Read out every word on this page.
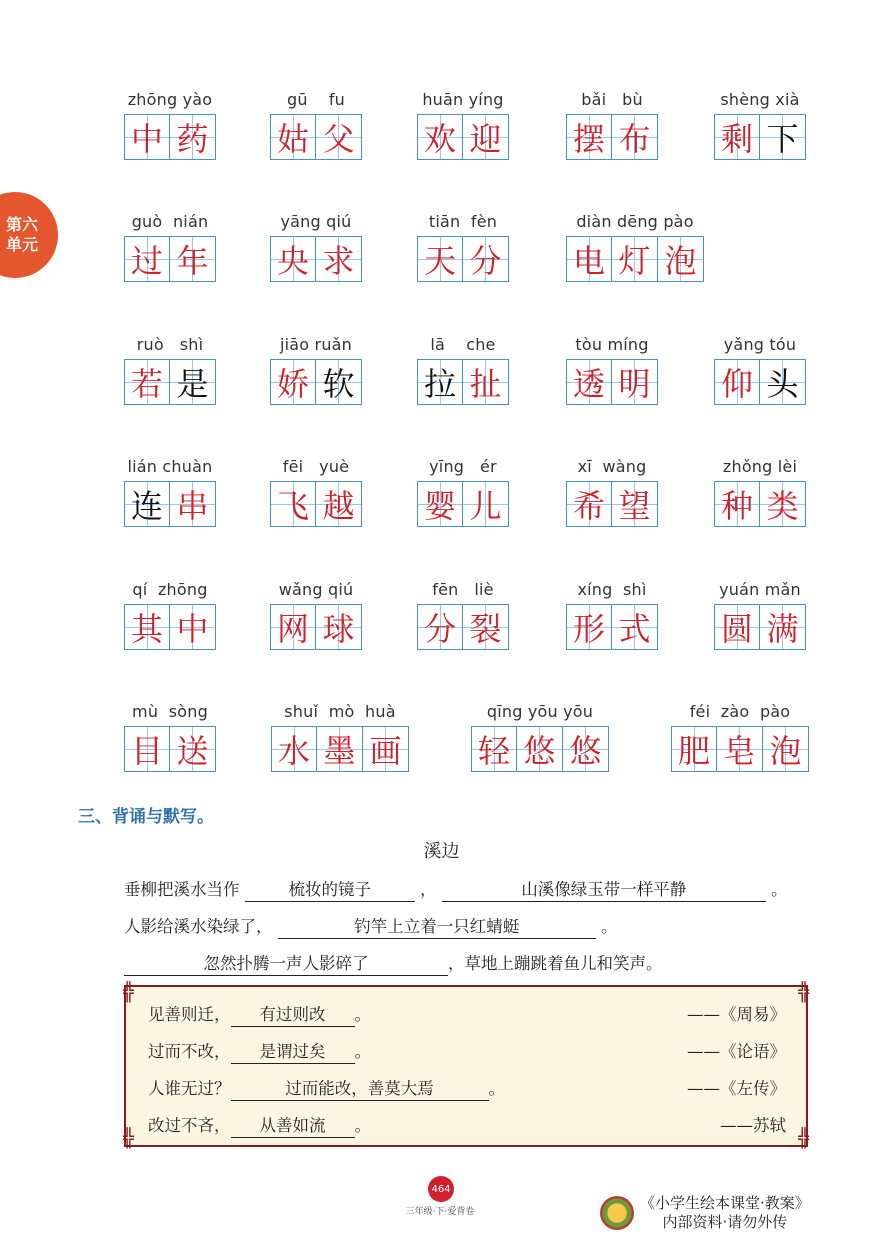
第六
单元
zhōng yào
中 药
gū    fu
姑 父
huān yíng
欢 迎
bǎi   bù
摆 布
shèng xià
剩 下
guò  nián
过 年
yāng qiú
央 求
tiān  fèn
天 分
diàn dēng pào
电 灯 泡
ruò   shì
若 是
jiāo ruǎn
娇 软
lā    che
拉 扯
tòu míng
透 明
yǎng tóu
仰 头
lián chuàn
连 串
fēi   yuè
飞 越
yīng   ér
婴 儿
xī  wàng
希 望
zhǒng lèi
种 类
qí  zhōng
其 中
wǎng qiú
网 球
fēn   liè
分 裂
xíng  shì
形 式
yuán mǎn
圆 满
mù  sòng
目 送
shuǐ  mò  huà
水 墨 画
qīng yōu yōu
轻 悠 悠
féi  zào  pào
肥 皂 泡
三、背诵与默写。
溪边
垂柳把溪水当作	梳妆的镜子	，	山溪像绿玉带一样平静	。
人影给溪水染绿了，	钓竿上立着一只红蜻蜓	。
忽然扑腾一声人影碎了	，草地上蹦跳着鱼儿和笑声。
╬	╬
╬	╬
见善则迁， 有过则改 。	——《周易》
过而不改， 是谓过矣 。	——《论语》
人谁无过？	过而能改，善莫大焉	。	——《左传》
改过不吝， 从善如流 。	——苏轼
464
三年级·下·爱背卷	《小学生绘本课堂·教案》
内部资料·请勿外传
